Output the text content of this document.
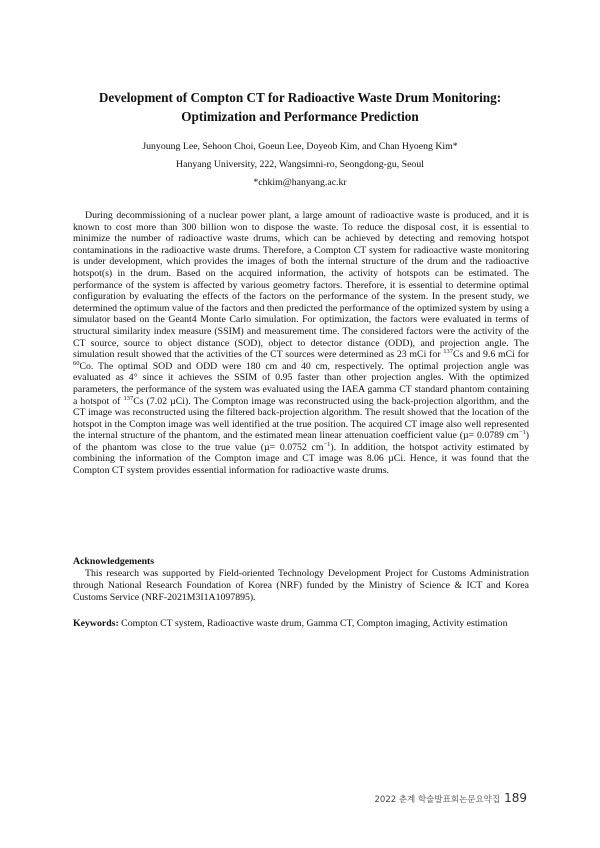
Development of Compton CT for Radioactive Waste Drum Monitoring:
Optimization and Performance Prediction
Junyoung Lee, Sehoon Choi, Goeun Lee, Doyeob Kim, and Chan Hyoeng Kim*
Hanyang University, 222, Wangsimni-ro, Seongdong-gu, Seoul
*chkim@hanyang.ac.kr

During decommissioning of a nuclear power plant, a large amount of radioactive waste is produced, and it is known to cost more than 300 billion won to dispose the waste. To reduce the disposal cost, it is essential to minimize the number of radioactive waste drums, which can be achieved by detecting and removing hotspot contaminations in the radioactive waste drums. Therefore, a Compton CT system for radioactive waste monitoring is under development, which provides the images of both the internal structure of the drum and the radioactive hotspot(s) in the drum. Based on the acquired information, the activity of hotspots can be estimated. The performance of the system is affected by various geometry factors. Therefore, it is essential to determine optimal configuration by evaluating the effects of the factors on the performance of the system. In the present study, we determined the optimum value of the factors and then predicted the performance of the optimized system by using a simulator based on the Geant4 Monte Carlo simulation. For optimization, the factors were evaluated in terms of structural similarity index measure (SSIM) and measurement time. The considered factors were the activity of the CT source, source to object distance (SOD), object to detector distance (ODD), and projection angle. The simulation result showed that the activities of the CT sources were determined as 23 mCi for $^{137}$Cs and 9.6 mCi for $^{60}$Co. The optimal SOD and ODD were 180 cm and 40 cm, respectively. The optimal projection angle was evaluated as 4° since it achieves the SSIM of 0.95 faster than other projection angles. With the optimized parameters, the performance of the system was evaluated using the IAEA gamma CT standard phantom containing a hotspot of $^{137}$Cs (7.02 µCi). The Compton image was reconstructed using the back-projection algorithm, and the CT image was reconstructed using the filtered back-projection algorithm. The result showed that the location of the hotspot in the Compton image was well identified at the true position. The acquired CT image also well represented the internal structure of the phantom, and the estimated mean linear attenuation coefficient value (µ= 0.0789 $cm^{-1}$) of the phantom was close to the true value (µ= 0.0752 $cm^{-1}$). In addition, the hotspot activity estimated by combining the information of the Compton image and CT image was 8.06 µCi. Hence, it was found that the Compton CT system provides essential information for radioactive waste drums.

Acknowledgements

This research was supported by Field-oriented Technology Development Project for Customs Administration through National Research Foundation of Korea (NRF) funded by the Ministry of Science & ICT and Korea Customs Service (NRF-2021M3I1A1097895).

Keywords: Compton CT system, Radioactive waste drum, Gamma CT, Compton imaging, Activity estimation
2022 춘계 학술발표회논문요약집 189
